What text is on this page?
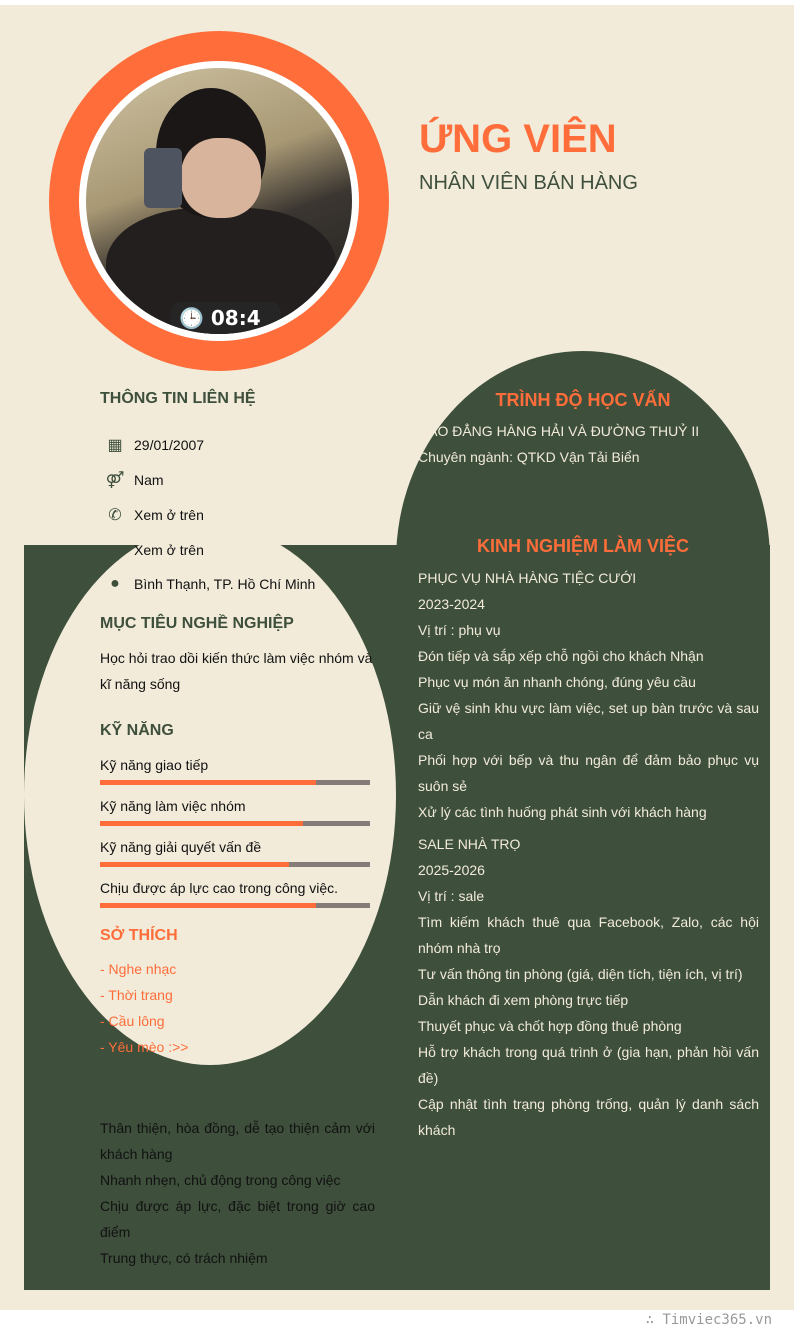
🕒 08:4
ỨNG VIÊN
NHÂN VIÊN BÁN HÀNG
THÔNG TIN LIÊN HỆ
▦ 29/01/2007
⚤ Nam
✆ Xem ở trên
✉ Xem ở trên
●	Bình Thạnh, TP. Hồ Chí Minh
MỤC TIÊU NGHỀ NGHIỆP
Học hỏi trao dồi kiến thức làm việc nhóm và kĩ năng sống
KỸ NĂNG
Kỹ năng giao tiếp
Kỹ năng làm việc nhóm
Kỹ năng giải quyết vấn đề
Chịu được áp lực cao trong công việc.
SỞ THÍCH
- Nghe nhạc
- Thời trang
- Cầu lông
- Yêu mèo :>>
Thân thiện, hòa đồng, dễ tạo thiện cảm với khách hàng
Nhanh nhẹn, chủ động trong công việc
Chịu được áp lực, đặc biệt trong giờ cao điểm
Trung thực, có trách nhiệm
TRÌNH ĐỘ HỌC VẤN
CAO ĐẲNG HÀNG HẢI VÀ ĐƯỜNG THUỶ II
Chuyên ngành: QTKD Vận Tải Biển
KINH NGHIỆM LÀM VIỆC
PHỤC VỤ NHÀ HÀNG TIỆC CƯỚI
2023-2024
Vị trí : phụ vụ
Đón tiếp và sắp xếp chỗ ngồi cho khách Nhận
Phục vụ món ăn nhanh chóng, đúng yêu cầu
Giữ vệ sinh khu vực làm việc, set up bàn trước và sau ca
Phối hợp với bếp và thu ngân để đảm bảo phục vụ suôn sẻ
Xử lý các tình huống phát sinh với khách hàng
SALE NHÀ TRỌ
2025-2026
Vị trí : sale
Tìm kiếm khách thuê qua Facebook, Zalo, các hội nhóm nhà trọ
Tư vấn thông tin phòng (giá, diện tích, tiện ích, vị trí)
Dẫn khách đi xem phòng trực tiếp
Thuyết phục và chốt hợp đồng thuê phòng
Hỗ trợ khách trong quá trình ở (gia hạn, phản hồi vấn đề)
Cập nhật tình trạng phòng trống, quản lý danh sách khách
∴ Timviec365.vn
